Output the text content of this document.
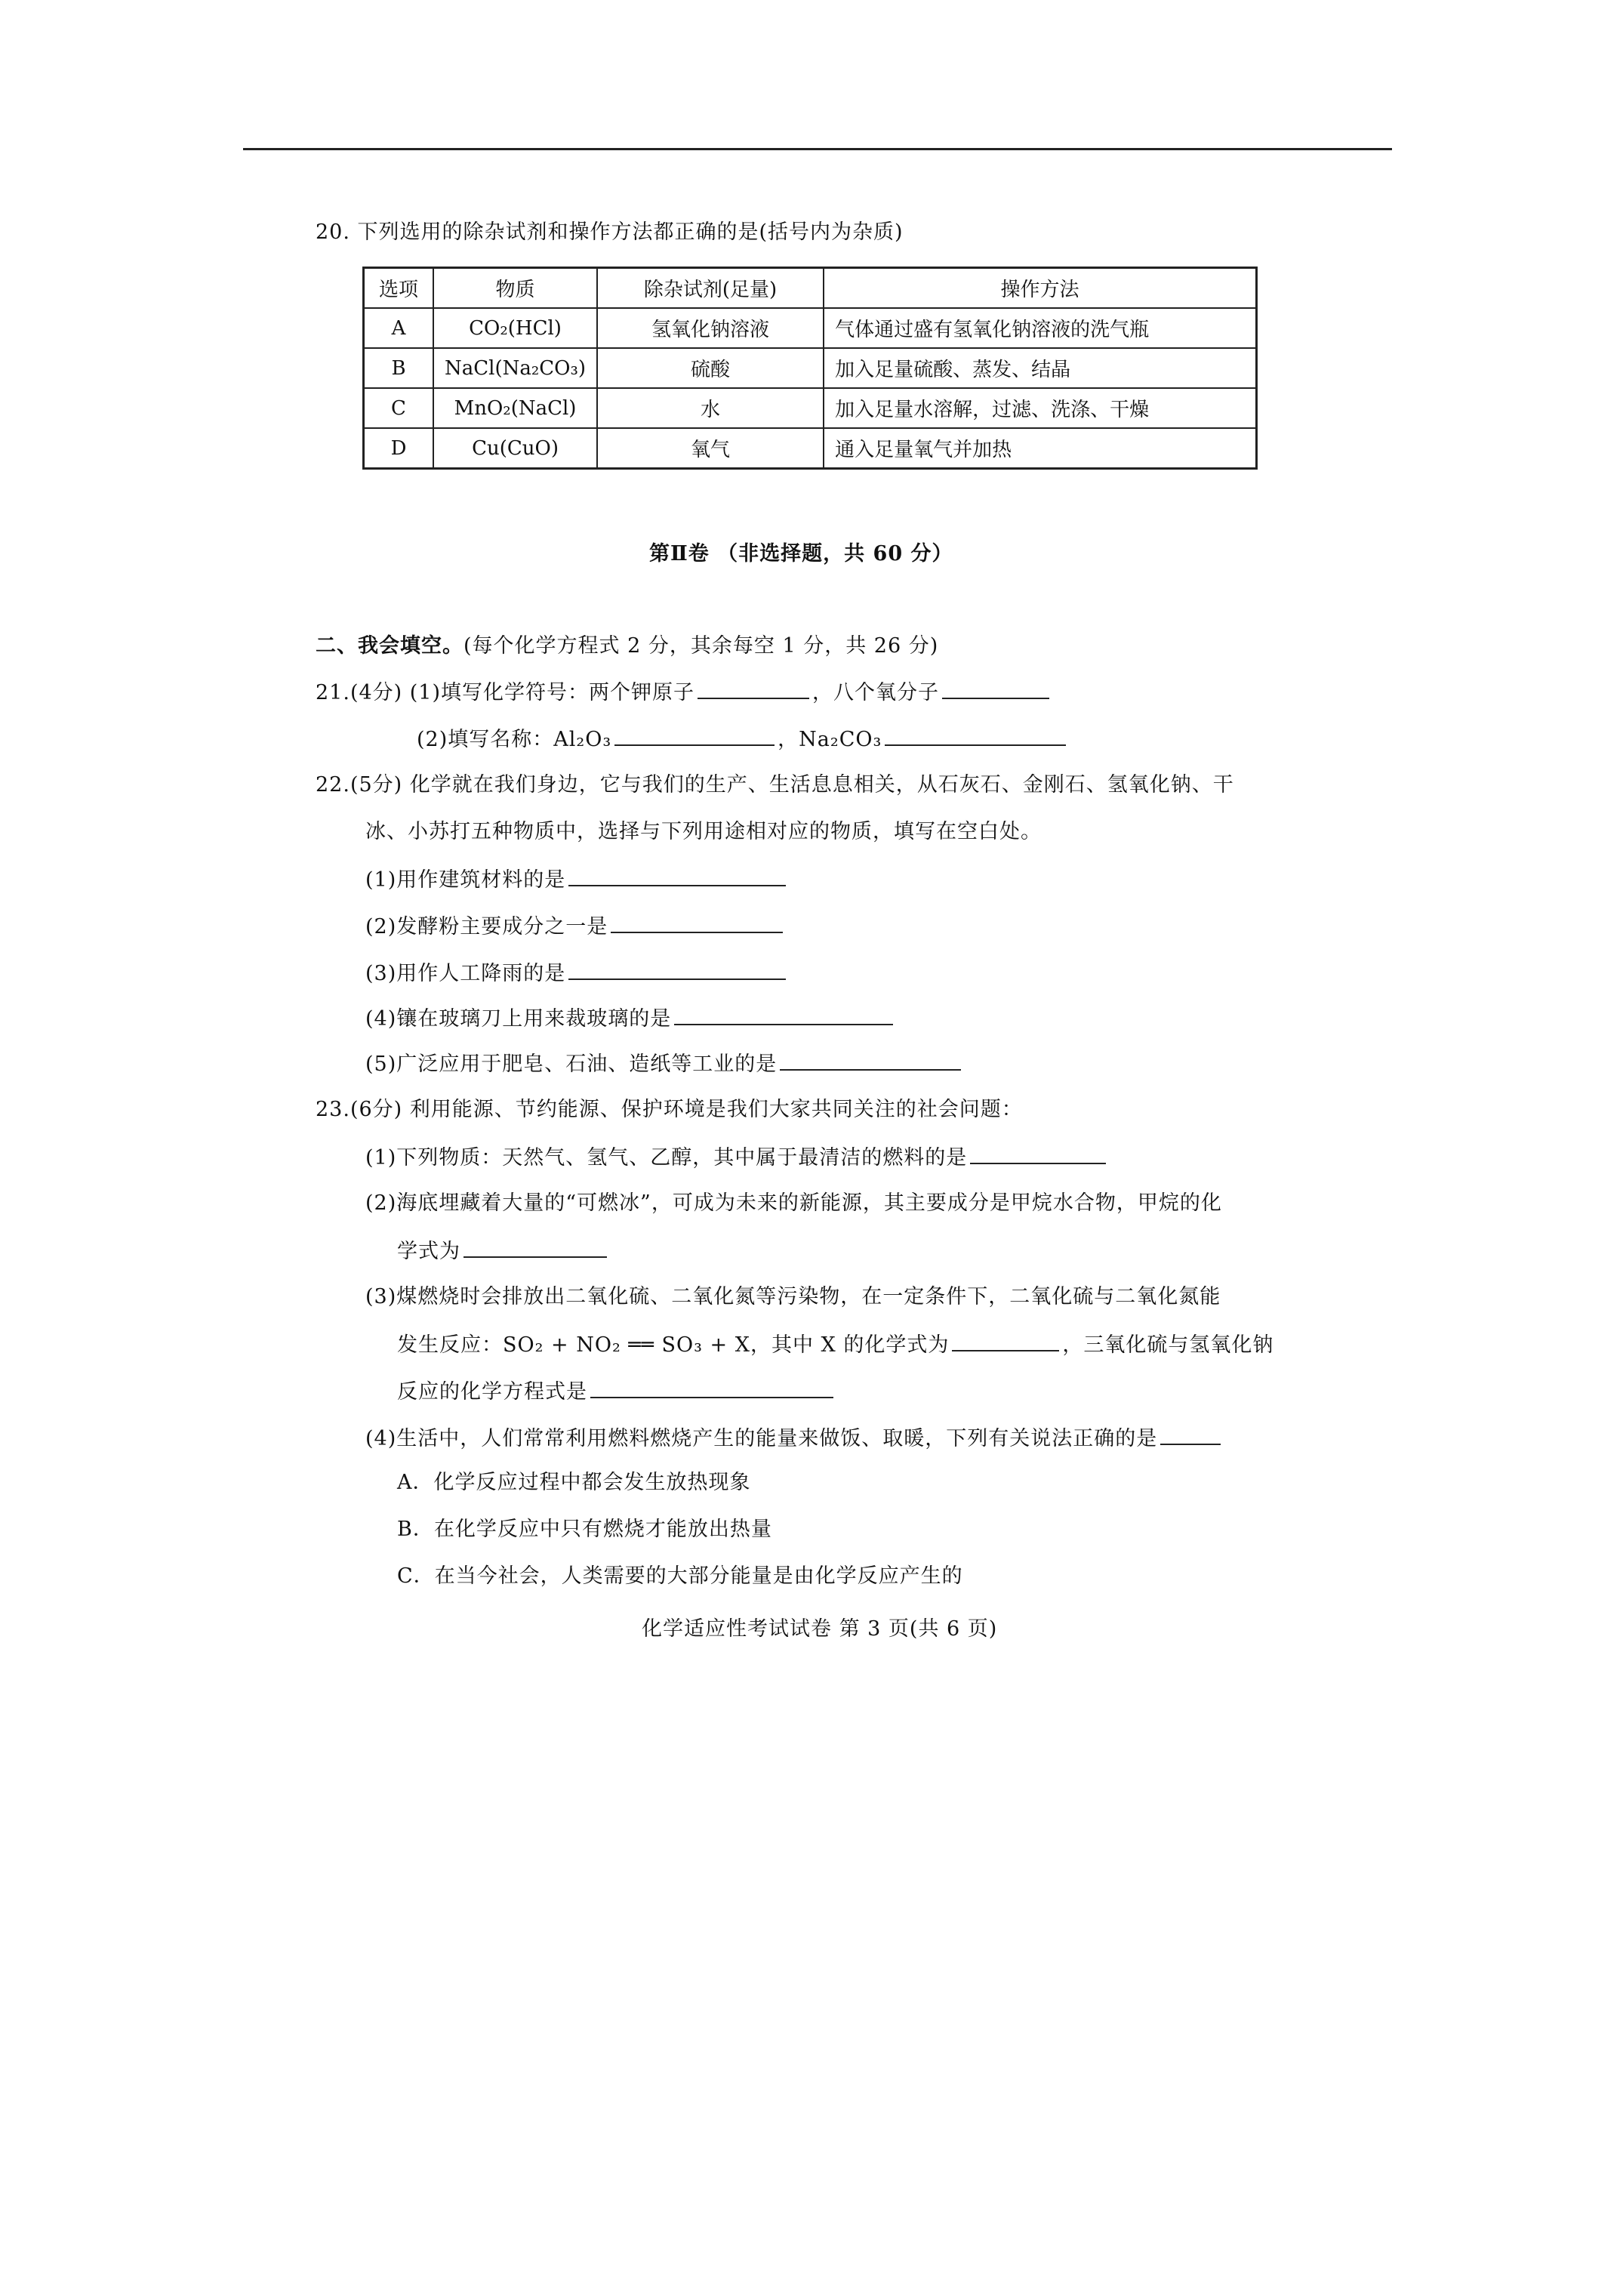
20. 下列选用的除杂试剂和操作方法都正确的是(括号内为杂质)
选项	物质	除杂试剂(足量)	操作方法
A	CO₂(HCl)	氢氧化钠溶液	气体通过盛有氢氧化钠溶液的洗气瓶
B	NaCl(Na₂CO₃)	硫酸	加入足量硫酸、蒸发、结晶
C	MnO₂(NaCl)	水	加入足量水溶解，过滤、洗涤、干燥
D	Cu(CuO)	氧气	通入足量氧气并加热
第Ⅱ卷 （非选择题，共 60 分）
二、我会填空。(每个化学方程式 2 分，其余每空 1 分，共 26 分)
21.(4分) (1)填写化学符号：两个钾原子	，八个氧分子
(2)填写名称：Al₂O₃	，Na₂CO₃
22.(5分) 化学就在我们身边，它与我们的生产、生活息息相关，从石灰石、金刚石、氢氧化钠、干
冰、小苏打五种物质中，选择与下列用途相对应的物质，填写在空白处。
(1)用作建筑材料的是
(2)发酵粉主要成分之一是
(3)用作人工降雨的是
(4)镶在玻璃刀上用来裁玻璃的是
(5)广泛应用于肥皂、石油、造纸等工业的是
23.(6分) 利用能源、节约能源、保护环境是我们大家共同关注的社会问题：
(1)下列物质：天然气、氢气、乙醇，其中属于最清洁的燃料的是
(2)海底埋藏着大量的“可燃冰”，可成为未来的新能源，其主要成分是甲烷水合物，甲烷的化
学式为
(3)煤燃烧时会排放出二氧化硫、二氧化氮等污染物，在一定条件下，二氧化硫与二氧化氮能
发生反应：SO₂ + NO₂ ══ SO₃ + X，其中 X 的化学式为	，三氧化硫与氢氧化钠
反应的化学方程式是
(4)生活中，人们常常利用燃料燃烧产生的能量来做饭、取暖，下列有关说法正确的是
A．化学反应过程中都会发生放热现象
B．在化学反应中只有燃烧才能放出热量
C．在当今社会，人类需要的大部分能量是由化学反应产生的
化学适应性考试试卷 第 3 页(共 6 页)
